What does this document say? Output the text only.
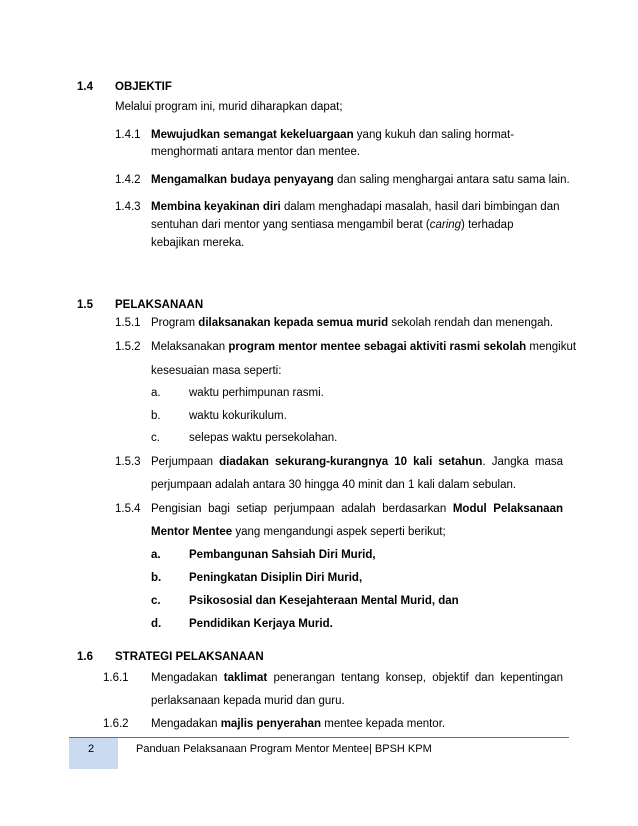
1.4 OBJEKTIF
Melalui program ini, murid diharapkan dapat;
1.4.1 Mewujudkan semangat kekeluargaan yang kukuh dan saling hormat-
menghormati antara mentor dan mentee.
1.4.2 Mengamalkan budaya penyayang dan saling menghargai antara satu sama lain.
1.4.3 Membina keyakinan diri dalam menghadapi masalah, hasil dari bimbingan dan
sentuhan dari mentor yang sentiasa mengambil berat (caring) terhadap
kebajikan mereka.
1.5 PELAKSANAAN
1.5.1 Program dilaksanakan kepada semua murid sekolah rendah dan menengah.
1.5.2 Melaksanakan program mentor mentee sebagai aktiviti rasmi sekolah mengikut
kesesuaian masa seperti:
a. waktu perhimpunan rasmi.
b. waktu kokurikulum.
c.	selepas waktu persekolahan.
1.5.3 Perjumpaan diadakan sekurang-kurangnya 10 kali setahun. Jangka masa
perjumpaan adalah antara 30 hingga 40 minit dan 1 kali dalam sebulan.
1.5.4 Pengisian bagi setiap perjumpaan adalah berdasarkan Modul Pelaksanaan
Mentor Mentee yang mengandungi aspek seperti berikut;
a. Pembangunan Sahsiah Diri Murid,
b. Peningkatan Disiplin Diri Murid,
c. Psikososial dan Kesejahteraan Mental Murid, dan
d. Pendidikan Kerjaya Murid.
1.6 STRATEGI PELAKSANAAN
1.6.1 Mengadakan taklimat penerangan tentang konsep, objektif dan kepentingan
perlaksanaan kepada murid dan guru.
1.6.2 Mengadakan majlis penyerahan mentee kepada mentor.
2	Panduan Pelaksanaan Program Mentor Mentee| BPSH KPM
